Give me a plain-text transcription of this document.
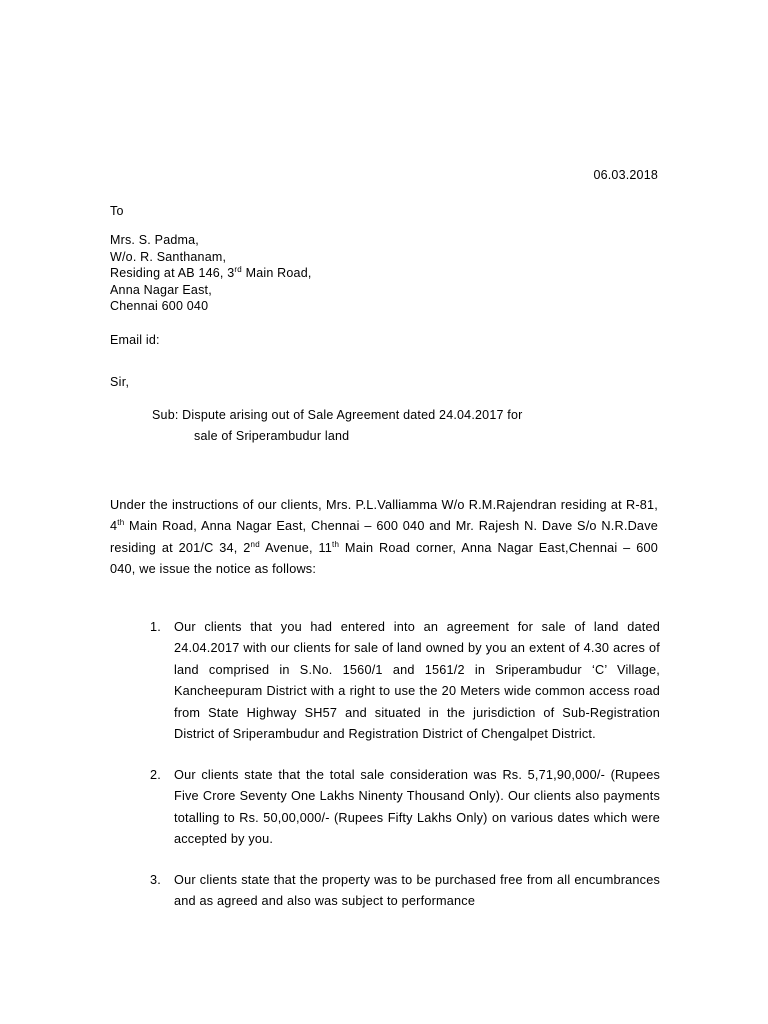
06.03.2018
To
Mrs. S. Padma,
W/o. R. Santhanam,
Residing at AB 146, 3rd Main Road,
Anna Nagar East,
Chennai 600 040
Email id:
Sir,
Sub: Dispute arising out of Sale Agreement dated 24.04.2017 for
sale of Sriperambudur land

Under the instructions of our clients, Mrs. P.L.Valliamma W/o R.M.Rajendran residing at R-81, 4th Main Road, Anna Nagar East, Chennai – 600 040 and Mr. Rajesh N. Dave S/o N.R.Dave residing at 201/C 34, 2nd Avenue, 11th Main Road corner, Anna Nagar East,Chennai – 600 040, we issue the notice as follows:

Our clients that you had entered into an agreement for sale of land dated 24.04.2017 with our clients for sale of land owned by you an extent of 4.30 acres of land comprised in S.No. 1560/1 and 1561/2 in Sriperambudur ‘C’ Village, Kancheepuram District with a right to use the 20 Meters wide common access road from State Highway SH57 and situated in the jurisdiction of Sub-Registration District of Sriperambudur and Registration District of Chengalpet District.
Our clients state that the total sale consideration was Rs. 5,71,90,000/- (Rupees Five Crore Seventy One Lakhs Ninenty Thousand Only). Our clients also payments totalling to Rs. 50,00,000/- (Rupees Fifty Lakhs Only) on various dates which were accepted by you.
Our clients state that the property was to be purchased free from all encumbrances and as agreed and also was subject to performance
